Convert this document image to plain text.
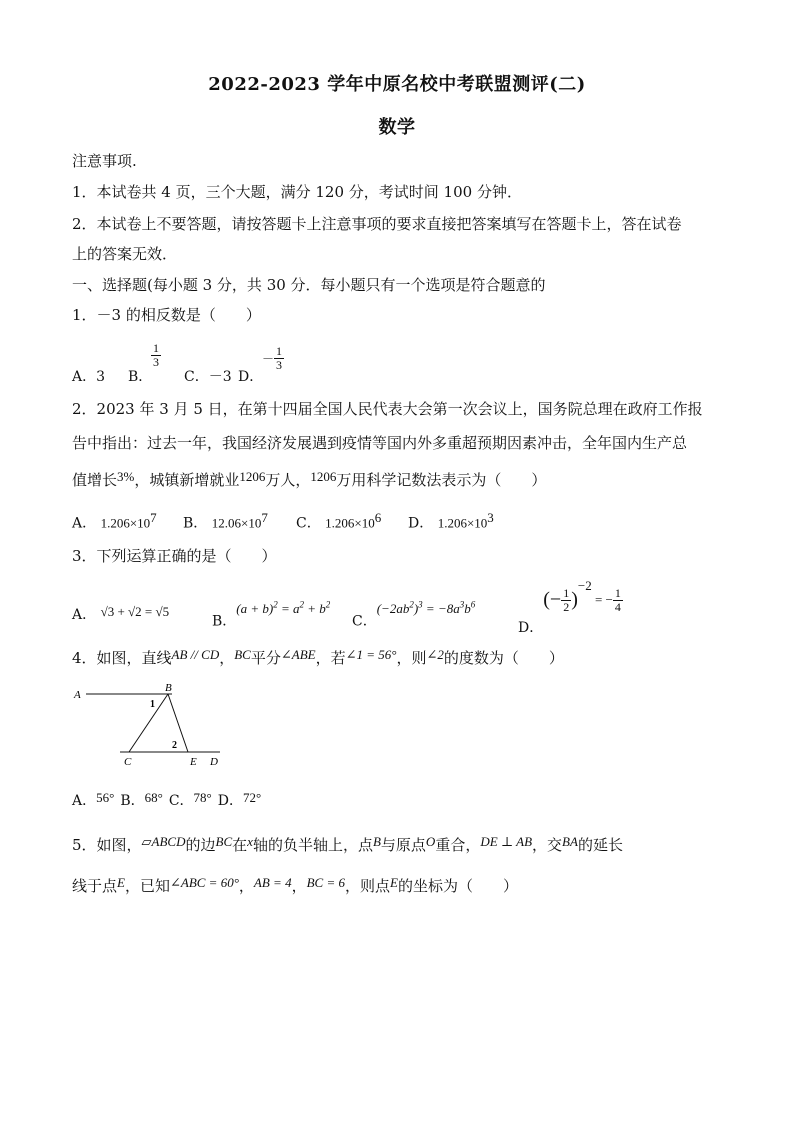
2022-2023 学年中原名校中考联盟测评(二)
数学
注意事项.
1．本试卷共 4 页，三个大题，满分 120 分，考试时间 100 分钟．
2．本试卷上不要答题，请按答题卡上注意事项的要求直接把答案填写在答题卡上，答在试卷
上的答案无效．
一、选择题(每小题 3 分，共 30 分．每小题只有一个选项是符合题意的
1．－3 的相反数是（　　）
A．3 B．
$\frac{1}{3}$
C．－3 D．
－ $\frac{1}{3}$
2．2023 年 3 月 5 日，在第十四届全国人民代表大会第一次会议上，国务院总理在政府工作报
告中指出：过去一年，我国经济发展遇到疫情等国内外多重超预期因素冲击，全年国内生产总
值增长3%，城镇新增就业1206万人，1206万用科学记数法表示为（　　）
A． $1.206\times 10^7$ B． $12.06\times 10^7$ C． $1.206\times 10^6$ D． $1.206\times 10^3$
3．下列运算正确的是（　　）
A． √3 + √2 = √5
B．$(a + b)^2 = a^2 + b^2$
C．$(-2ab^2)^3 = -8a^3b^6$
D．(− $\frac{1}{2} )^{-2}$ = − $\frac{1}{4}$
4．如图，直线AB // CD，BC平分∠ABE，若∠1 = 56°，则∠2的度数为（　　）
A
B
C	E D
1
2
A．56° B．68° C．78° D．72°
5．如图，▱ABCD的边BC在x轴的负半轴上，点B与原点O重合，DE ⊥ AB，交BA的延长
线于点E，已知∠ABC = 60°，AB = 4，BC = 6，则点E的坐标为（　　）
